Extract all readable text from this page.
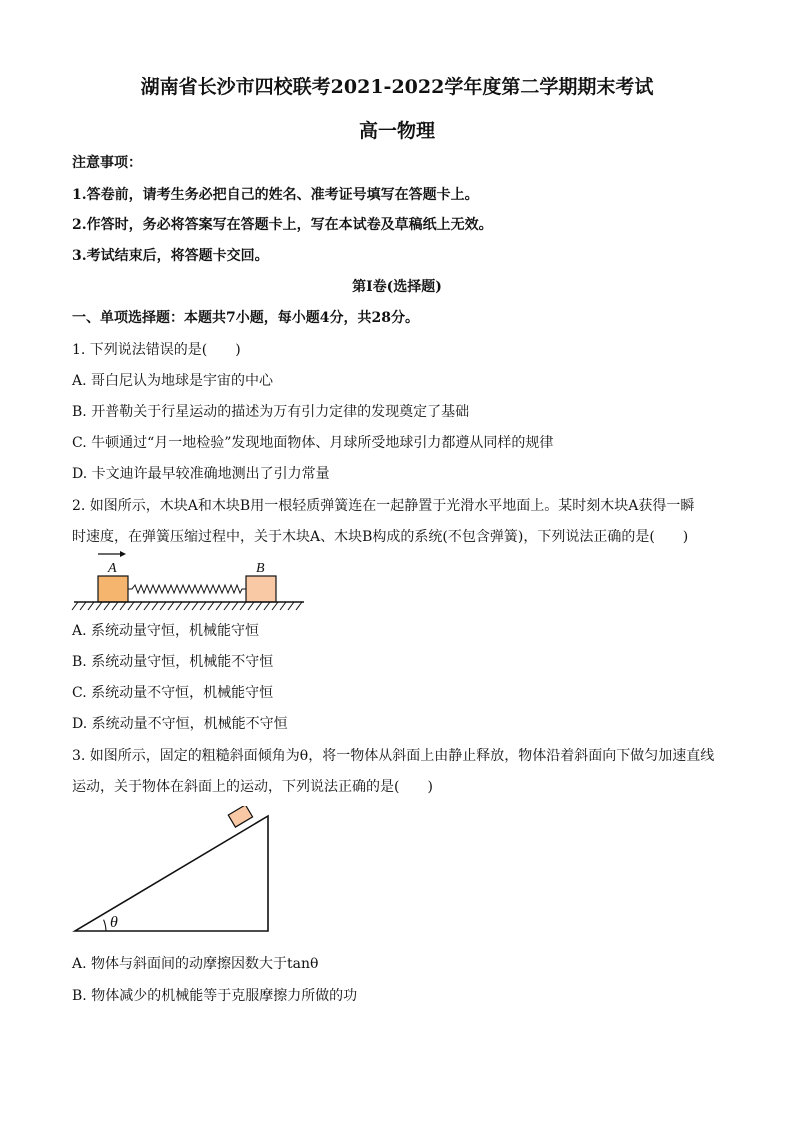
湖南省长沙市四校联考2021-2022学年度第二学期期末考试
高一物理
注意事项：
1.答卷前，请考生务必把自己的姓名、准考证号填写在答题卡上。
2.作答时，务必将答案写在答题卡上，写在本试卷及草稿纸上无效。
3.考试结束后，将答题卡交回。
第I卷(选择题)
一、单项选择题：本题共7小题，每小题4分，共28分。
1. 下列说法错误的是(　　)
A. 哥白尼认为地球是宇宙的中心
B. 开普勒关于行星运动的描述为万有引力定律的发现奠定了基础
C. 牛顿通过“月一地检验”发现地面物体、月球所受地球引力都遵从同样的规律
D. 卡文迪许最早较准确地测出了引力常量
2. 如图所示，木块A和木块B用一根轻质弹簧连在一起静置于光滑水平地面上。某时刻木块A获得一瞬
时速度，在弹簧压缩过程中，关于木块A、木块B构成的系统(不包含弹簧)，下列说法正确的是(　　)
A	B
A. 系统动量守恒，机械能守恒
B. 系统动量守恒，机械能不守恒
C. 系统动量不守恒，机械能守恒
D. 系统动量不守恒，机械能不守恒
3. 如图所示，固定的粗糙斜面倾角为θ，将一物体从斜面上由静止释放，物体沿着斜面向下做匀加速直线
运动，关于物体在斜面上的运动，下列说法正确的是(　　)
θ
A. 物体与斜面间的动摩擦因数大于tanθ
B. 物体减少的机械能等于克服摩擦力所做的功
